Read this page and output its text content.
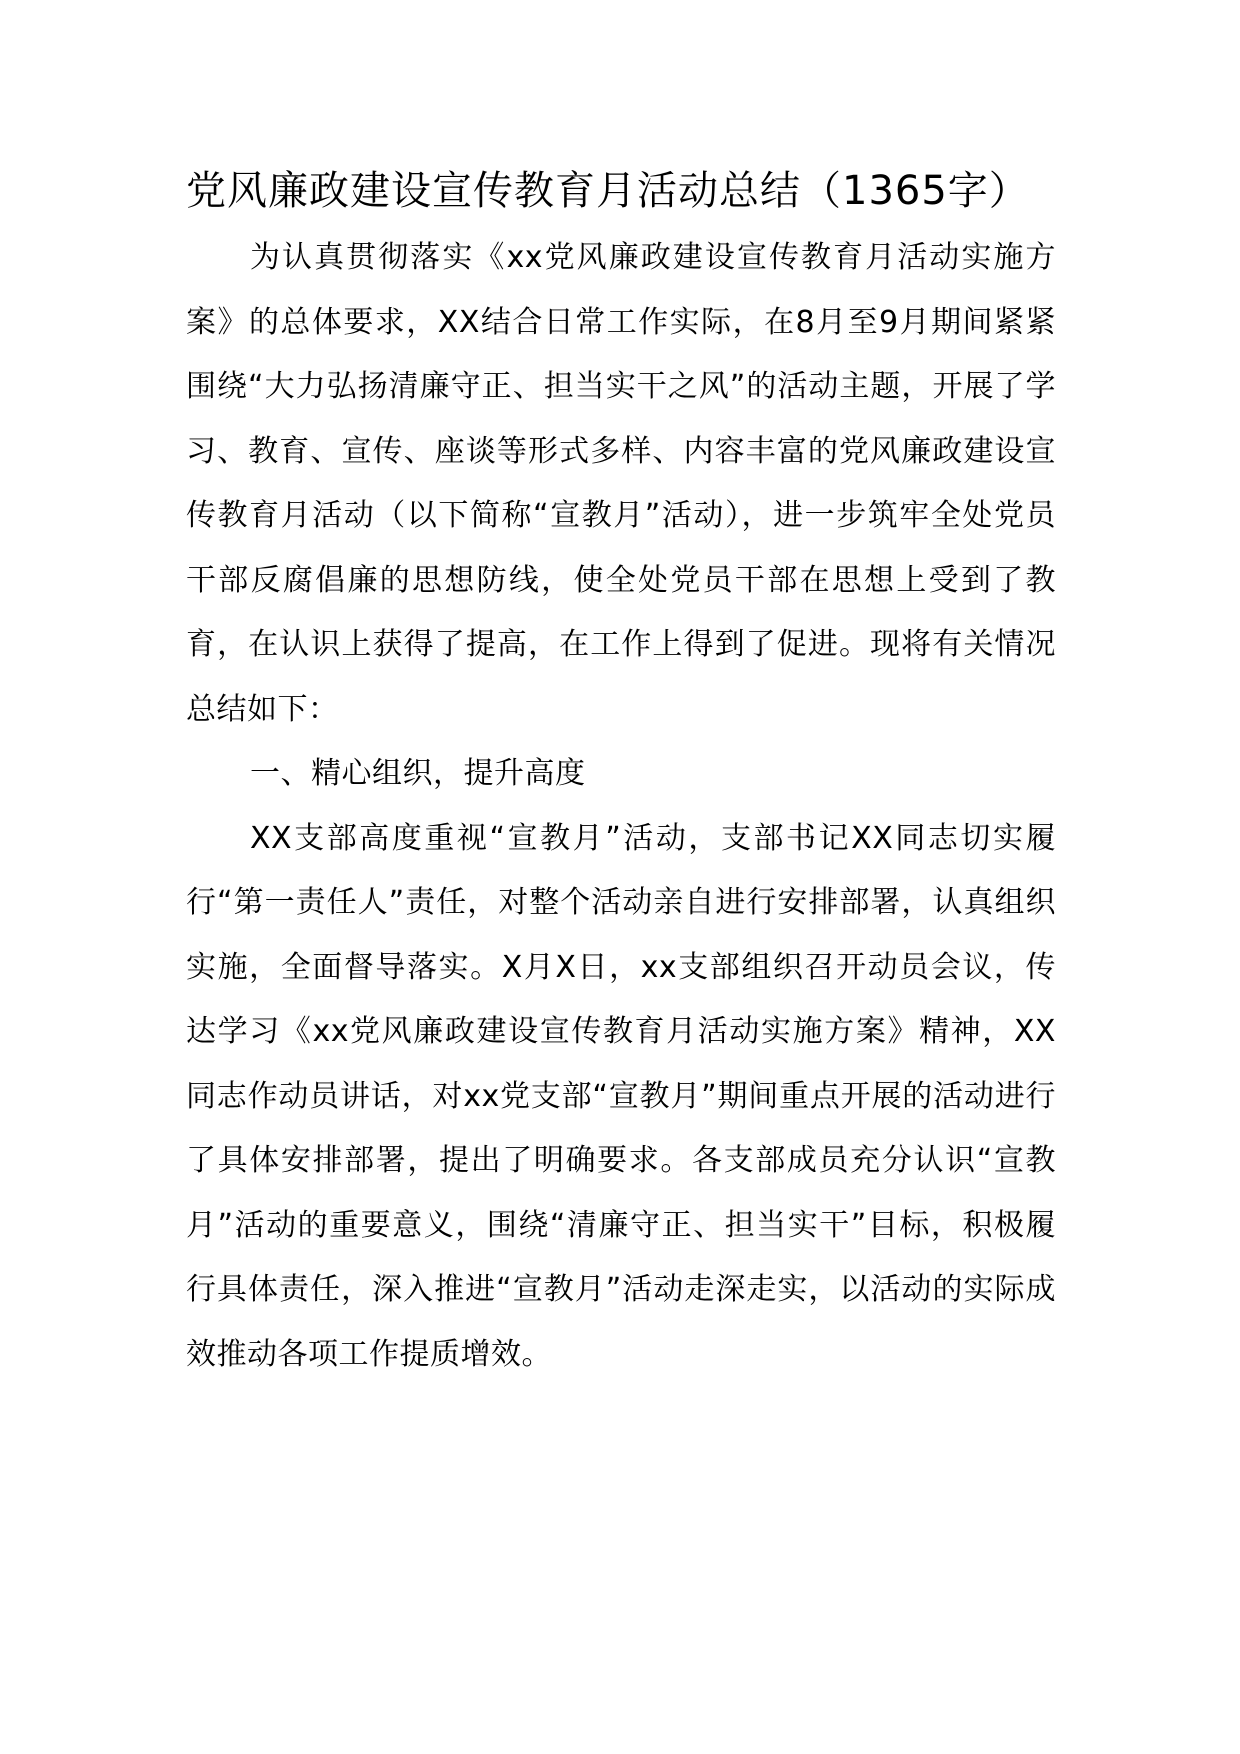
党风廉政建设宣传教育月活动总结（1365字）

为认真贯彻落实《xx党风廉政建设宣传教育月活动实施方案》的总体要求，XX结合日常工作实际，在8月至9月期间紧紧围绕“大力弘扬清廉守正、担当实干之风”的活动主题，开展了学习、教育、宣传、座谈等形式多样、内容丰富的党风廉政建设宣传教育月活动（以下简称“宣教月”活动），进一步筑牢全处党员干部反腐倡廉的思想防线，使全处党员干部在思想上受到了教育，在认识上获得了提高，在工作上得到了促进。现将有关情况总结如下：

一、精心组织，提升高度

XX支部高度重视“宣教月”活动，支部书记XX同志切实履行“第一责任人”责任，对整个活动亲自进行安排部署，认真组织实施，全面督导落实。X月X日，xx支部组织召开动员会议，传达学习《xx党风廉政建设宣传教育月活动实施方案》精神，XX同志作动员讲话，对xx党支部“宣教月”期间重点开展的活动进行了具体安排部署，提出了明确要求。各支部成员充分认识“宣教月”活动的重要意义，围绕“清廉守正、担当实干”目标，积极履行具体责任，深入推进“宣教月”活动走深走实，以活动的实际成效推动各项工作提质增效。
